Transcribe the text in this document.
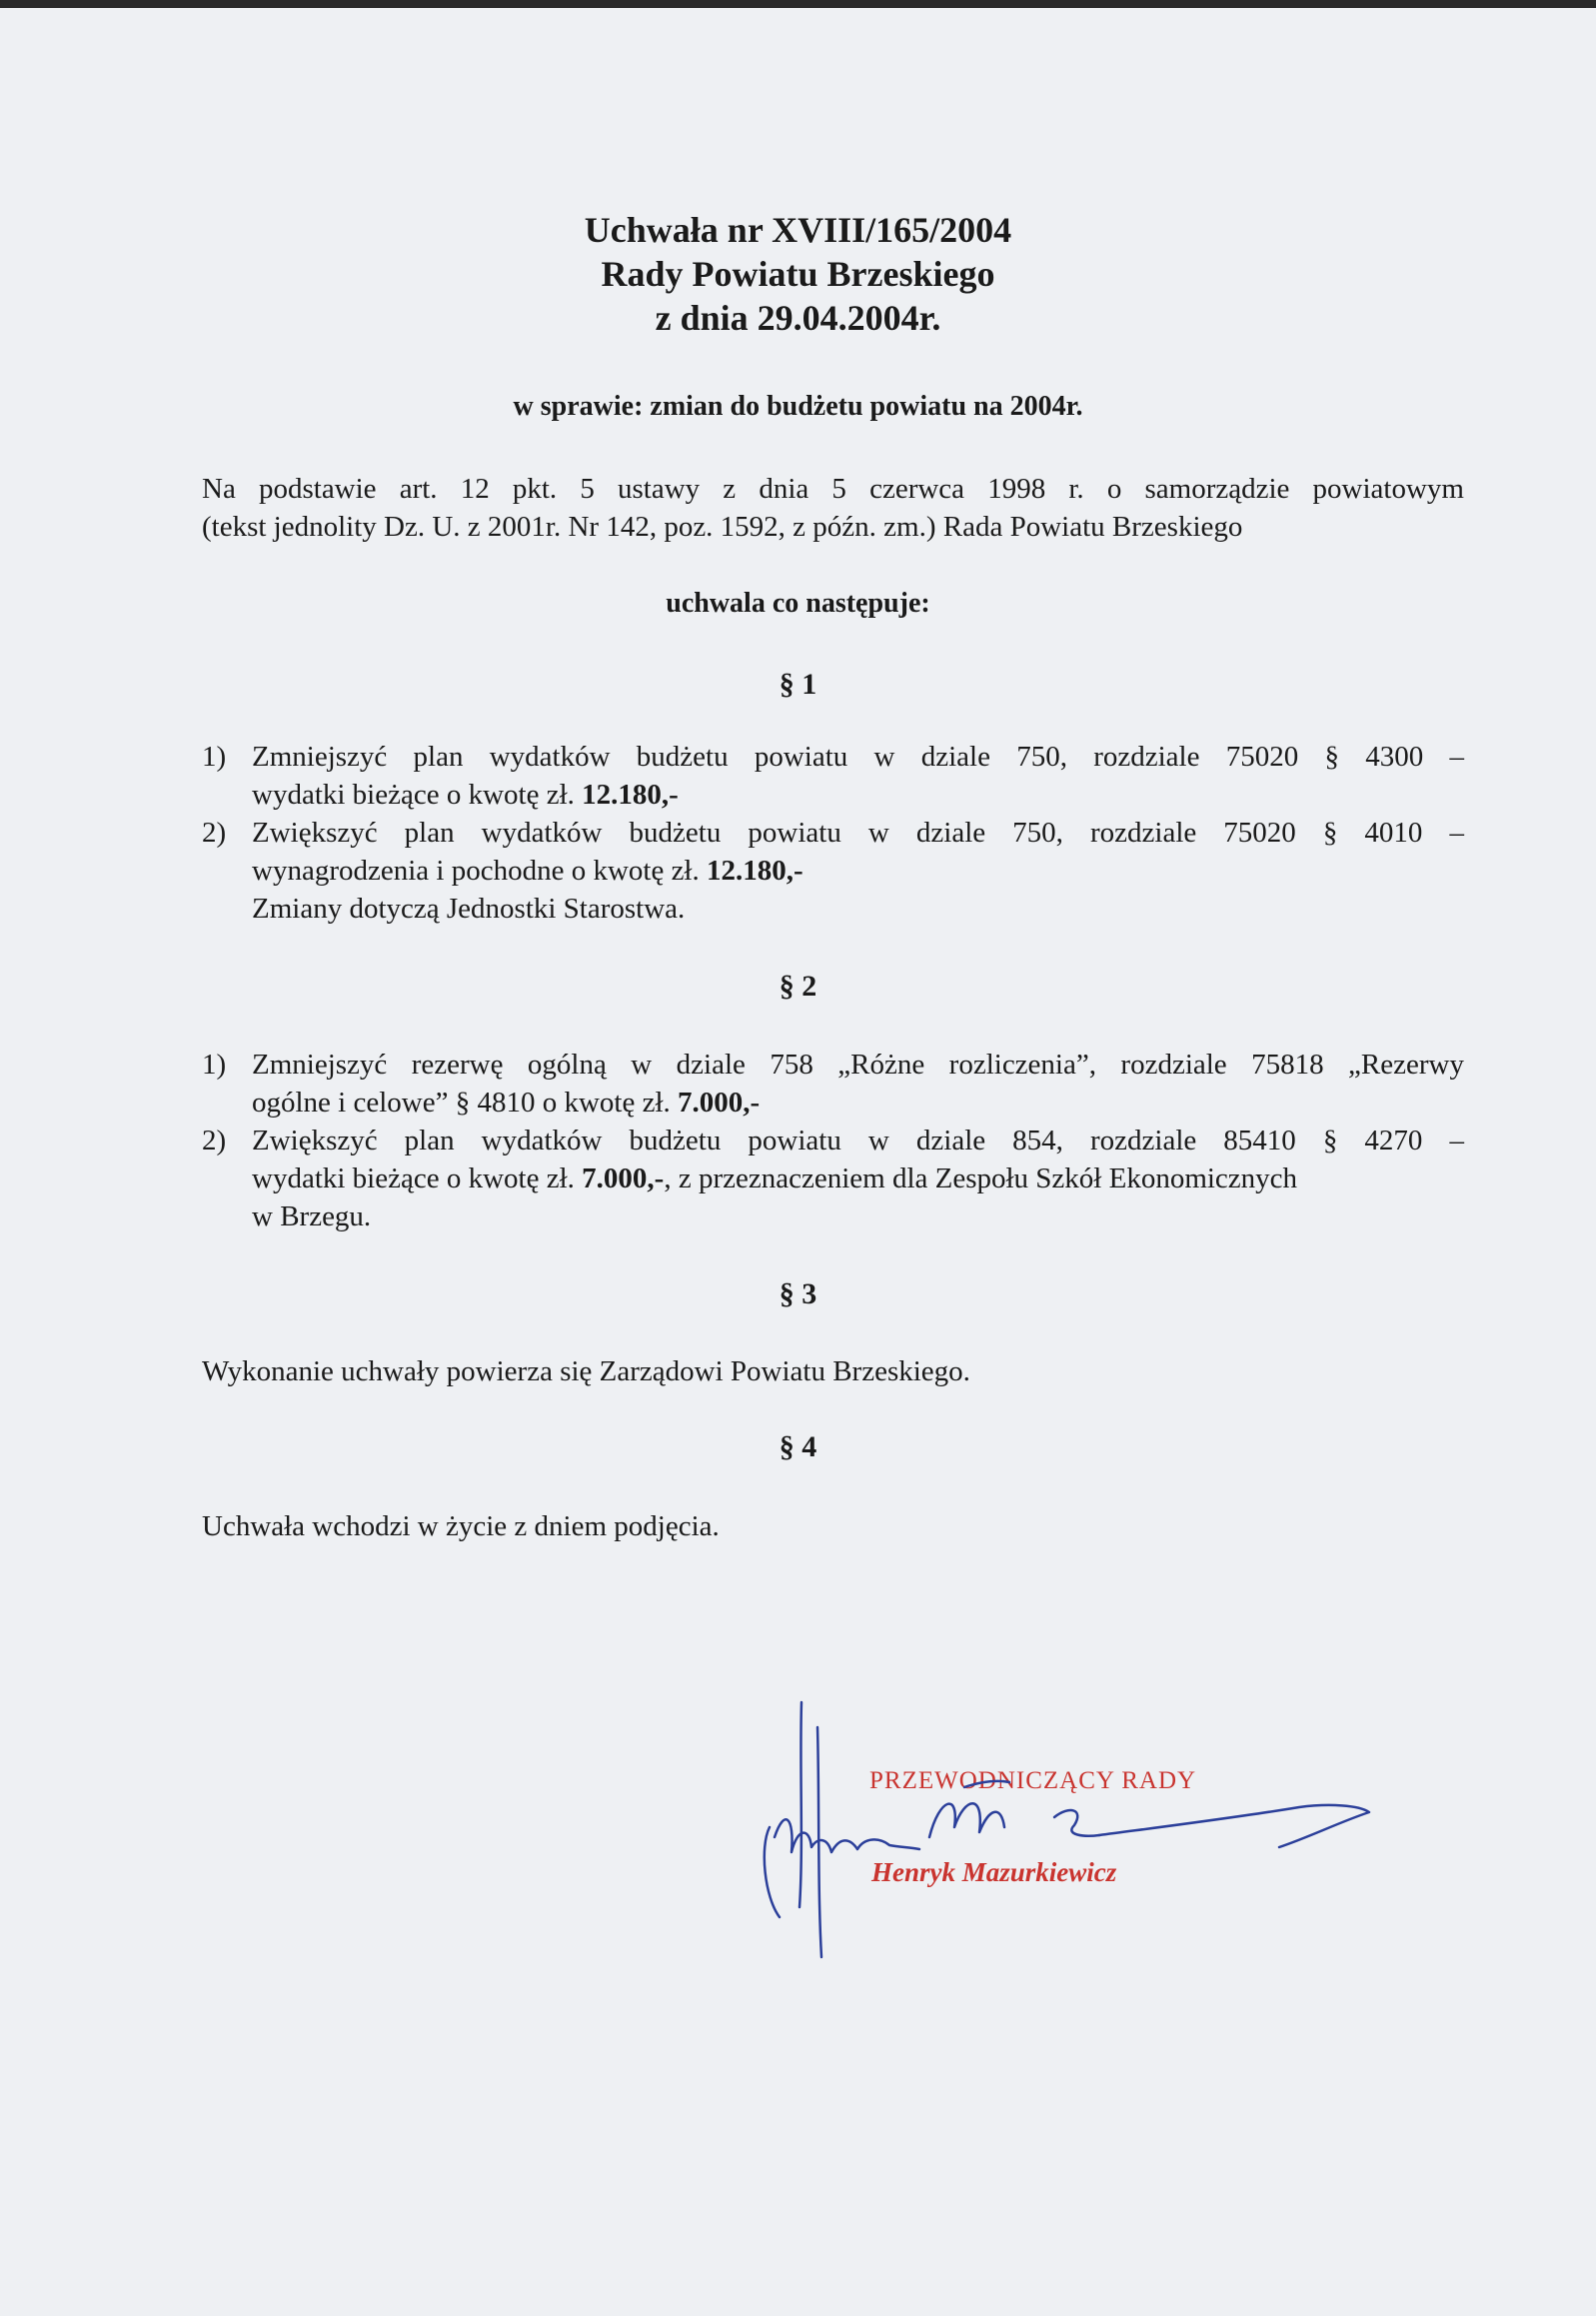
Uchwała nr XVIII/165/2004
Rady Powiatu Brzeskiego
z dnia 29.04.2004r.
w sprawie: zmian do budżetu powiatu na 2004r.
Na podstawie art. 12 pkt. 5 ustawy z dnia 5 czerwca 1998 r. o samorządzie powiatowym
(tekst jednolity Dz. U. z 2001r. Nr 142, poz. 1592, z późn. zm.) Rada Powiatu Brzeskiego
uchwala co następuje:
§ 1
1) Zmniejszyć plan wydatków budżetu powiatu w dziale 750, rozdziale 75020 § 4300 –
wydatki bieżące o kwotę zł. 12.180,-
2) Zwiększyć plan wydatków budżetu powiatu w dziale 750, rozdziale 75020 § 4010 –
wynagrodzenia i pochodne o kwotę zł. 12.180,-
Zmiany dotyczą Jednostki Starostwa.
§ 2
1) Zmniejszyć rezerwę ogólną w dziale 758 „Różne rozliczenia”, rozdziale 75818 „Rezerwy
ogólne i celowe” § 4810 o kwotę zł. 7.000,-
2) Zwiększyć plan wydatków budżetu powiatu w dziale 854, rozdziale 85410 § 4270 –
wydatki bieżące o kwotę zł. 7.000,-, z przeznaczeniem dla Zespołu Szkół Ekonomicznych
w Brzegu.
§ 3
Wykonanie uchwały powierza się Zarządowi Powiatu Brzeskiego.
§ 4
Uchwała wchodzi w życie z dniem podjęcia.
PRZEWODNICZĄCY RADY
Henryk Mazurkiewicz
